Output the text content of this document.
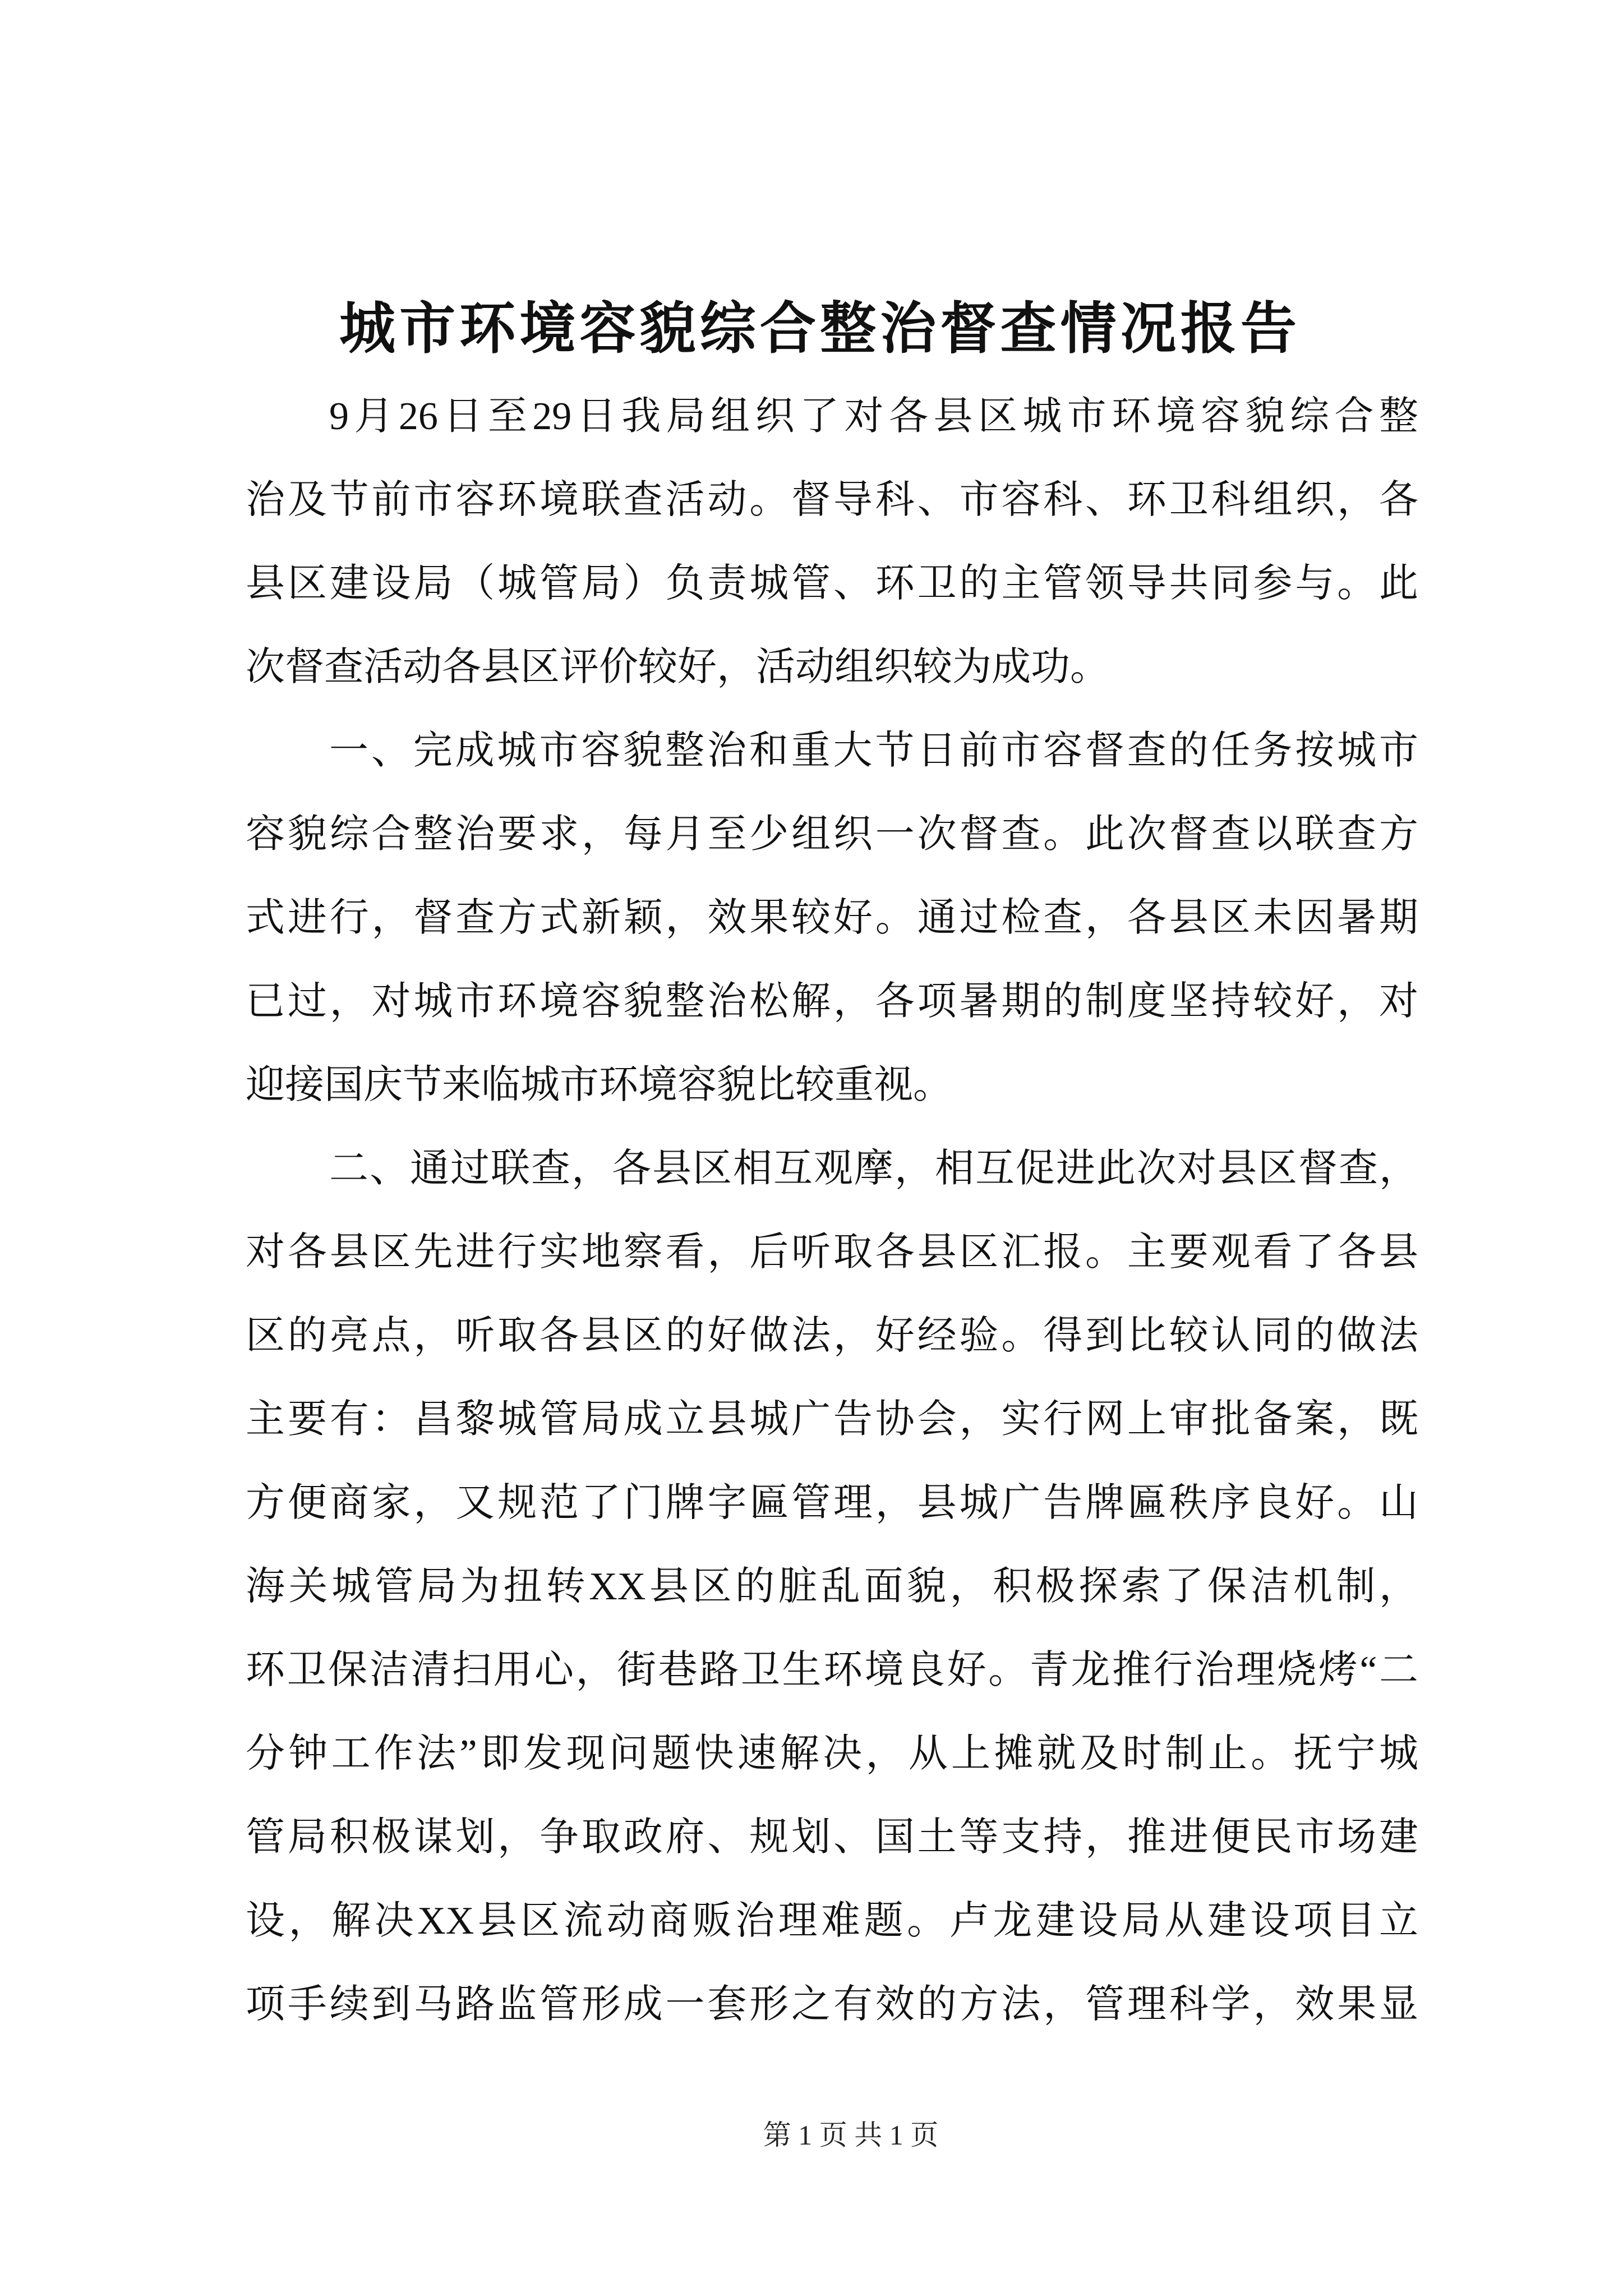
城市环境容貌综合整治督查情况报告
9月26日至29日我局组织了对各县区城市环境容貌综合整
治及节前市容环境联查活动。督导科、市容科、环卫科组织，各
县区建设局（城管局）负责城管、环卫的主管领导共同参与。此
次督查活动各县区评价较好，活动组织较为成功。
一、完成城市容貌整治和重大节日前市容督查的任务按城市
容貌综合整治要求，每月至少组织一次督查。此次督查以联查方
式进行，督查方式新颖，效果较好。通过检查，各县区未因暑期
已过，对城市环境容貌整治松解，各项暑期的制度坚持较好，对
迎接国庆节来临城市环境容貌比较重视。
二、通过联查，各县区相互观摩，相互促进此次对县区督查，
对各县区先进行实地察看，后听取各县区汇报。主要观看了各县
区的亮点，听取各县区的好做法，好经验。得到比较认同的做法
主要有：昌黎城管局成立县城广告协会，实行网上审批备案，既
方便商家，又规范了门牌字匾管理，县城广告牌匾秩序良好。山
海关城管局为扭转XX县区的脏乱面貌，积极探索了保洁机制，
环卫保洁清扫用心，街巷路卫生环境良好。青龙推行治理烧烤“二
分钟工作法”即发现问题快速解决，从上摊就及时制止。抚宁城
管局积极谋划，争取政府、规划、国土等支持，推进便民市场建
设，解决XX县区流动商贩治理难题。卢龙建设局从建设项目立
项手续到马路监管形成一套形之有效的方法，管理科学，效果显
第 1 页 共 1 页
